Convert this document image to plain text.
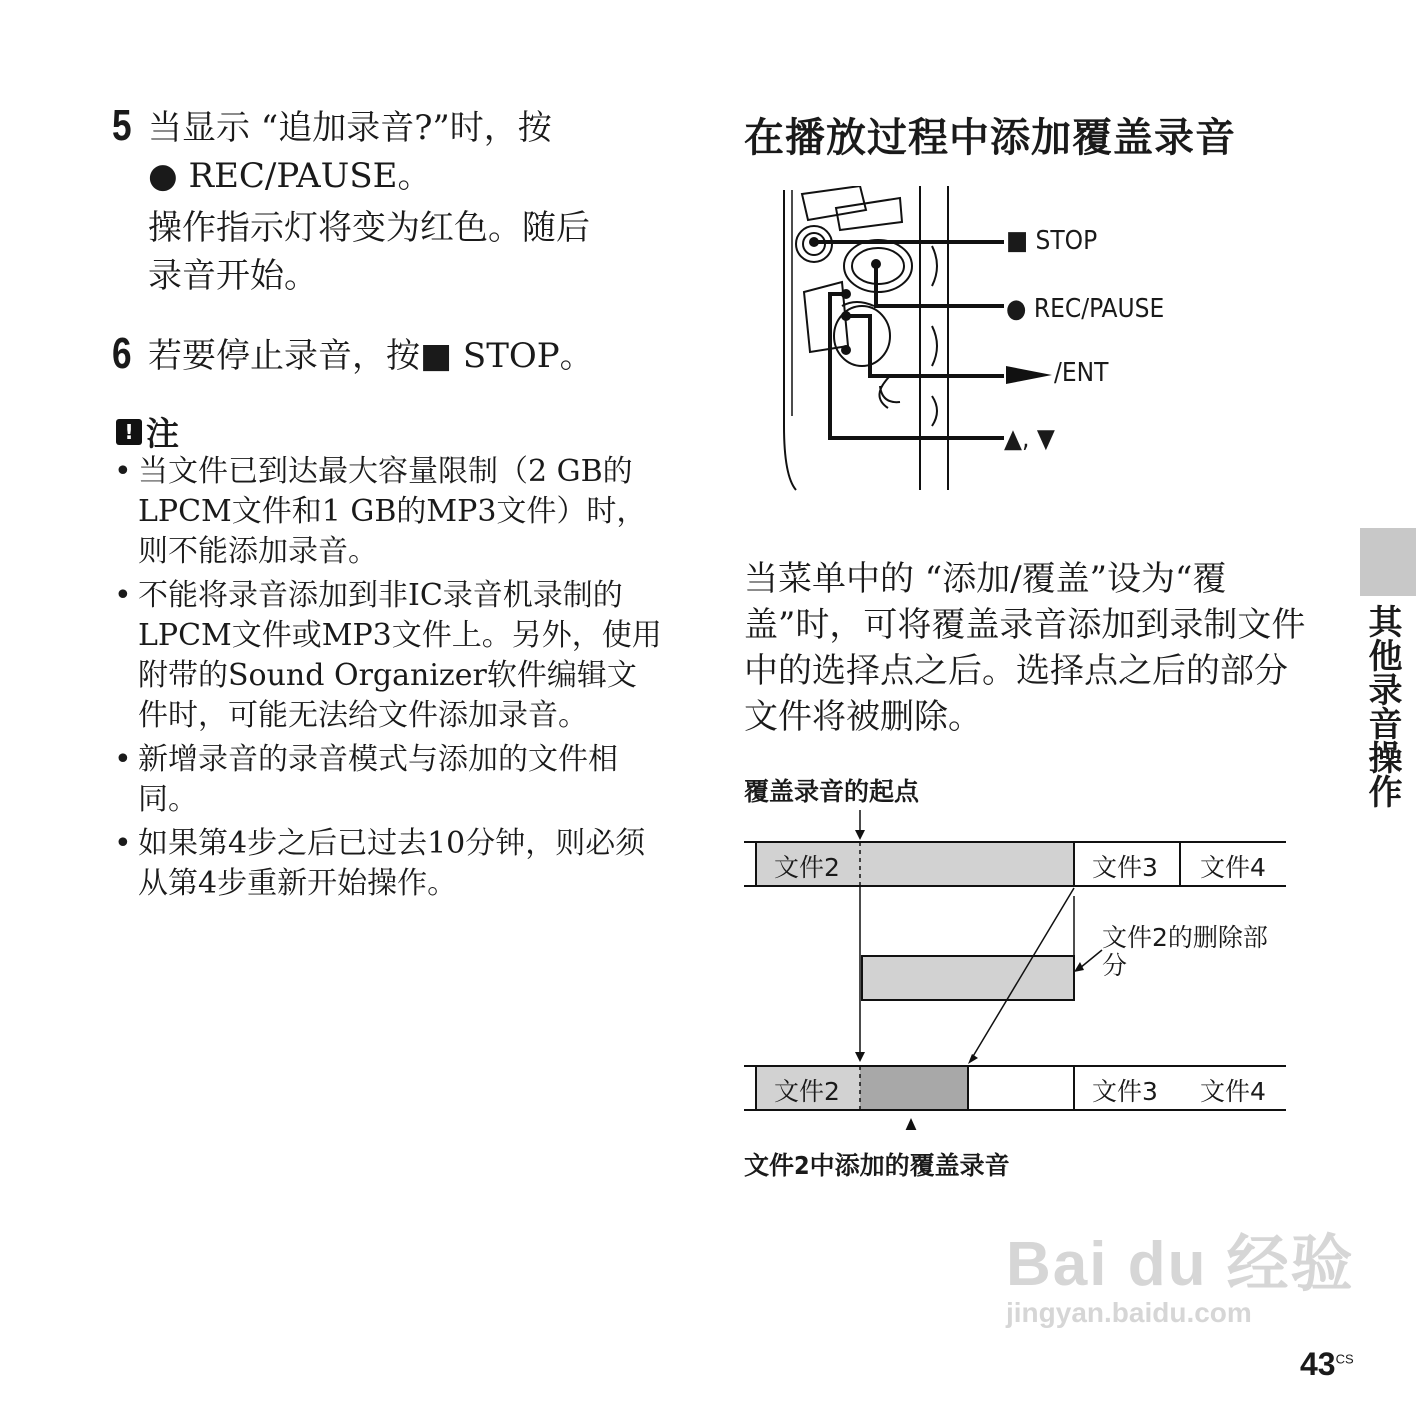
5 当显示 “追加录音?”时，按
● REC/PAUSE。
操作指示灯将变为红色。随后
录音开始。
6 若要停止录音，按■ STOP。
! 注
• 当文件已到达最大容量限制（2 GB的LPCM文件和1 GB的MP3文件）时，则不能添加录音。
• 不能将录音添加到非IC录音机录制的LPCM文件或MP3文件上。另外，使用附带的Sound Organizer软件编辑文件时，可能无法给文件添加录音。
• 新增录音的录音模式与添加的文件相同。
• 如果第4步之后已过去10分钟，则必须从第4步重新开始操作。
在播放过程中添加覆盖录音
■ STOP
● REC/PAUSE
/ENT
▲, ▼
当菜单中的 “添加/覆盖”设为“覆盖”时，可将覆盖录音添加到录制文件中的选择点之后。选择点之后的部分文件将被删除。
覆盖录音的起点
文件2	文件3 文件4
文件2的删除部分
文件2	文件3 文件4
文件2中添加的覆盖录音
其他录音操作
Bai du 经验
jingyan.baidu.com
$43^{CS}$
